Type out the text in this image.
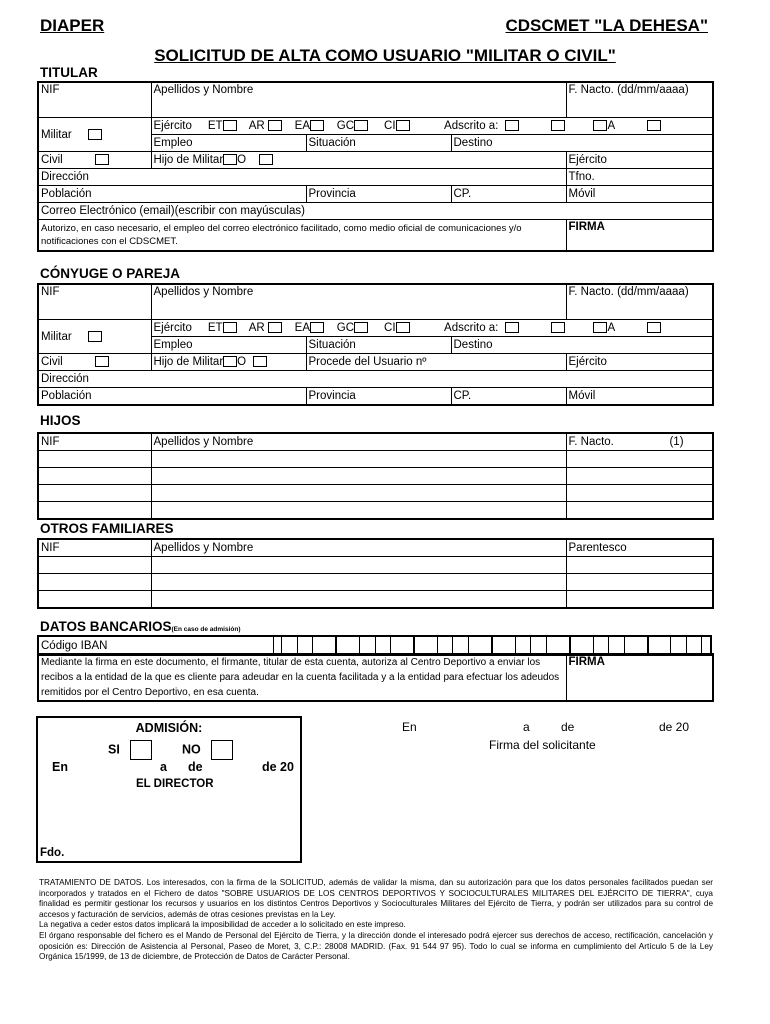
DIAPER	CDSCMET "LA DEHESA"
SOLICITUD DE ALTA COMO USUARIO "MILITAR O CIVIL"
TITULAR
NIF	Apellidos y Nombre			F. Nacto. (dd/mm/aaaa)
Militar	Ejército ET AR EA GC CI Adscrito a: A			
	Empleo	Situación	Destino	
Civil	Hijo de Militar O			Ejército
Dirección				Tfno.
Población		Provincia	CP.	Móvil
Correo Electrónico (email)(escribir con mayúsculas)				
Autorizo, en caso necesario, el empleo del correo electrónico facilitado, como medio oficial de comunicaciones y/o notificaciones con el CDSCMET.				FIRMA
CÓNYUGE O PAREJA
NIF	Apellidos y Nombre			F. Nacto. (dd/mm/aaaa)
Militar	Ejército ET AR EA GC CI Adscrito a: A			
	Empleo	Situación	Destino	
Civil	Hijo de Militar O	Procede del Usuario nº		Ejército
Dirección				
Población		Provincia	CP.	Móvil
HIJOS
NIF	Apellidos y Nombre	F. Nacto.	(1)

OTROS FAMILIARES
NIF	Apellidos y Nombre	Parentesco

DATOS BANCARIOS(En caso de admisión)
Código IBAN	

Mediante la firma en este documento, el firmante, titular de esta cuenta, autoriza al Centro Deportivo a enviar los recibos a la entidad de la que es cliente para adeudar en la cuenta facilitada y a la entidad para efectuar los adeudos remitidos por el Centro Deportivo, en esa cuenta.	FIRMA
ADMISIÓN:
SI	NO
En	a de	de 20
EL DIRECTOR
Fdo.
En	a	de	de 20
Firma del solicitante
TRATAMIENTO DE DATOS. Los interesados, con la firma de la SOLICITUD, además de validar la misma, dan su autorización para que los datos personales facilitados puedan ser incorporados y tratados en el Fichero de datos "SOBRE USUARIOS DE LOS CENTROS DEPORTIVOS Y SOCIOCULTURALES MILITARES DEL EJÉRCITO DE TIERRA", cuya finalidad es permitir gestionar los recursos y usuarios en los distintos Centros Deportivos y Socioculturales Militares del Ejército de Tierra, y podrán ser utilizados para su control de accesos y facturación de servicios, además de otras cesiones previstas en la Ley.
La negativa a ceder estos datos implicará la imposibilidad de acceder a lo solicitado en este impreso.
El órgano responsable del fichero es el Mando de Personal del Ejército de Tierra, y la dirección donde el interesado podrá ejercer sus derechos de acceso, rectificación, cancelación y oposición es: Dirección de Asistencia al Personal, Paseo de Moret, 3, C.P.: 28008 MADRID. (Fax. 91 544 97 95). Todo lo cual se informa en cumplimiento del Artículo 5 de la Ley Orgánica 15/1999, de 13 de diciembre, de Protección de Datos de Carácter Personal.
